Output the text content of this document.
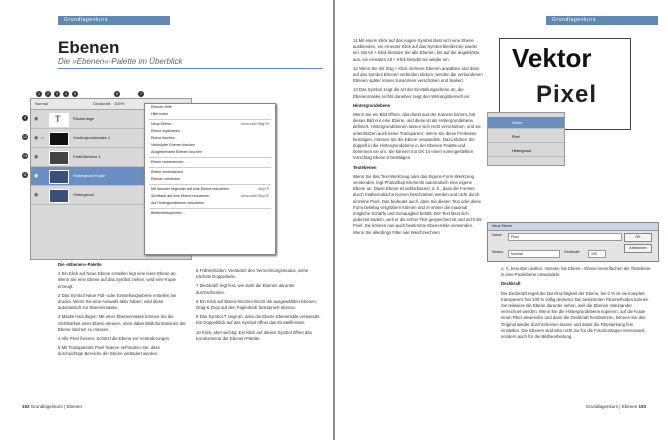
Grundlagenkurs
Ebenen
Die »Ebenen«-Palette im Überblick
Normal	Deckkraft: 100%
◉ T	Rückenlage
◉ ∞	Vordergrundmaske 1
◉	Farbfüllebene 1
◉	Hintergrund Kopie
◉	Hintergrund
1	2	3	4	5	6	7
9
12
13
11
Ebenen-Hilfe
Hilfe-Index
Neue Ebene...	Umschalt+Strg+N
Ebene duplizieren...
Ebene löschen
Verknüpfte Ebenen löschen
Ausgeblendete Ebenen löschen
Ebene umbenennen...
Ebene vereinfachen
Ebenen verbinden
Mit darunter liegender auf eine Ebene reduzieren	Strg+E
Sichtbare auf eine Ebene reduzieren	Umschalt+Strg+E
Auf Hintergrundebene reduzieren
Bedienfeldoptionen...

Die »Ebenen«-Palette

1 Ein Klick auf Neue Ebene erstellen legt eine leere Ebene an. Wenn Sie eine Ebene auf das Symbol ziehen, wird eine Kopie erzeugt.

2 Das Symbol Neue Füll- oder Einstellungsebene erstellen bei drucke. Wenn Sie eine Auswahl aktiv haben, wird diese automatisch zur Ebenenmaske.

3 Maske hinzufügen: Mit einer Ebenenmaske können Sie die Sichtbarkeit einer Ebene steuern, ohne dabei Bildinformationen der Ebene löschen zu müssen.

4 Alle Pixel fixieren: Schützt die Ebene vor Veränderungen.

5 Mit Transparente Pixel fixieren verhindern Sie, dass durchsichtige Bereiche der Ebene verändert werden.

6 Füllmethoden: Verändert den Verrechnungsmodus, siehe nächste Doppelseite.

7 Deckkraft: legt fest, wie stark die Ebenen darunter durchscheinen.

8 Ein Klick auf Ebene löschen löscht die ausgewählten Ebenen, Drag & Drop auf den Papierkorb funktioniert ebenso.

9 Das Symbol T zeigt an, dass die Ebene Ebenenstile verwendet. Ein Doppelklick auf das Symbol öffnet das Einstellfenster.

10 Klick, aber wichtig: Ein Klick auf diesen Symbol öffnet das Kontextmenü der Ebenen-Palette.

192 Grundlagenkurs | Ebenen
Grundlagenkurs

11 Mit einem Klick auf das Augen-Symbol lässt sich eine Ebene ausblenden, ein erneuter Klick auf das Symbol blendet sie wieder ein. Mit Alt + Klick blenden Sie alle Ebenen, bis auf die angeklickte, aus, ein erneutes Alt + Klick blendet sie wieder ein.

12 Wenn Sie mit Strg + Klick mehrere Ebenen anwählen und dann auf das Symbol Ebenen verbinden klicken, werden die verbundenen Ebenen später immer zusammen verschoben und skaliert.

13 Das Symbol zeigt die Art der Einstellungsebene an, die Ebenenmaske rechts daneben zeigt den Wirkungsbereich an.

Hintergrundebene

Wenn Sie ein Bild öffnen, das direkt aus der Kamera kommt, hat dieses Bild nur eine Ebene, und diese ist als Hintergrundebene definiert. Hintergrundebenen lassen sich nicht verschieben, und sie unterstützen auch keine Transparenz. Wenn Sie diese Freiheiten benötigen, müssen Sie die Ebene umwandeln. Dazu klicken Sie doppelt in die Hintergrundebene in der Ebenen-Palette und benennen sie um. Sie können mit OK 14 einen voreingestellten Vorschlag Ebene 0 bestätigen.

Textebenen

Wenn Sie das Text-Werkzeug oder das Eigene-Form-Werkzeug verwenden, legt Photoshop Elements automatisch eine eigene Ebene an. Diese Ebene ist vektorbasiert, d. h., dass die Formen durch mathematische Kurven beschrieben werden und nicht durch einzelne Pixel. Das bedeutet auch, dass Sie diesen Text oder diese Form beliebig vergrößern können und er immer die maximal mögliche Schärfe und Genauigkeit behält. Der Text lässt sich jederzeit ändern, weil er als echter Text gespeichert ist und nicht als Pixel. Sie können nun auch bestimmte Ebenenstile verwenden. Wenn Sie allerdings Filter wie Weichzeichnen

Vektor
Pixel
Vektor
Pixel
Hintergrund
Neue Ebene
Name:	Pixel
Modus:	Normal	Deckkraft:	100
OK
Abbrechen

o. Ä. benutzen wollen, müssen Sie Ebene › Ebene vereinfachen die Textebene in eine Pixelebene umwandeln.

Deckkraft

Die Deckkraft regelt die Durchsichtigkeit der Ebene, bei 0 % ist sie komplett transparent, bei 100 % völlig deckend. Bei bestimmten Filmmethoden können Sie teilweise die Ebene darunter sehen, weil die Ebenen miteinander verrechnet werden. Wenn Sie die Hintergrundebene kopieren, auf die Kopie einen Filter anwenden und dann die Deckkraft herabsetzen, können Sie das Original wieder durchscheinen lassen und damit die Filterwirkung fein einstellen. Die Ebenen sind also nicht nur für die Fotomontagen interessant, sondern auch für die Bildbearbeitung.

Grundlagenkurs | Ebenen 193
